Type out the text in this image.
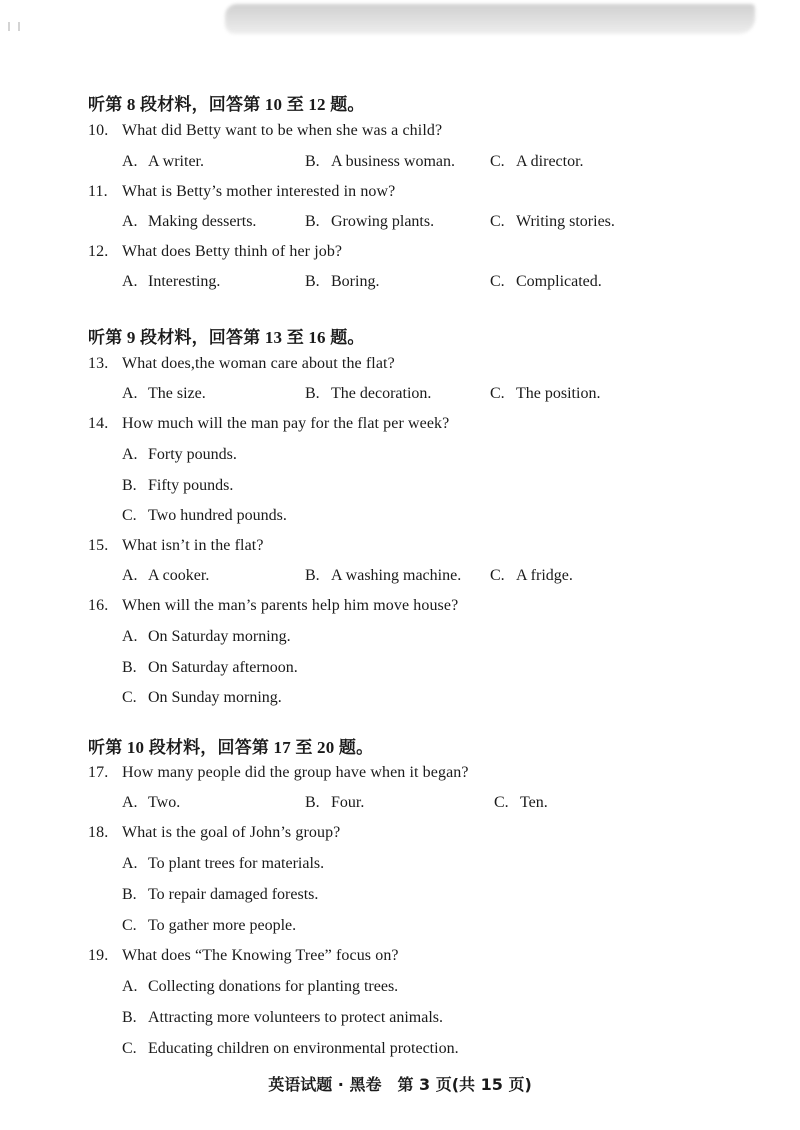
听第 8 段材料，回答第 10 至 12 题。
10. What did Betty want to be when she was a child?
A. A writer.	B. A business woman. C. A director.
11. What is Betty’s mother interested in now?
A. Making desserts.	B. Growing plants.	C. Writing stories.
12. What does Betty thinh of her job?
A. Interesting.	B. Boring.	C. Complicated.
听第 9 段材料，回答第 13 至 16 题。
13. What does,the woman care about the flat?
A. The size.	B. The decoration.	C. The position.
14. How much will the man pay for the flat per week?
A. Forty pounds.
B. Fifty pounds.
C. Two hundred pounds.
15. What isn’t in the flat?
A. A cooker.	B. A washing machine. C. A fridge.
16. When will the man’s parents help him move house?
A. On Saturday morning.
B. On Saturday afternoon.
C. On Sunday morning.
听第 10 段材料，回答第 17 至 20 题。
17. How many people did the group have when it began?
A. Two.	B. Four.	C. Ten.
18. What is the goal of John’s group?
A. To plant trees for materials.
B. To repair damaged forests.
C. To gather more people.
19. What does “The Knowing Tree” focus on?
A. Collecting donations for planting trees.
B. Attracting more volunteers to protect animals.
C. Educating children on environmental protection.
英语试题 · 黑卷　第 3 页(共 15 页)
